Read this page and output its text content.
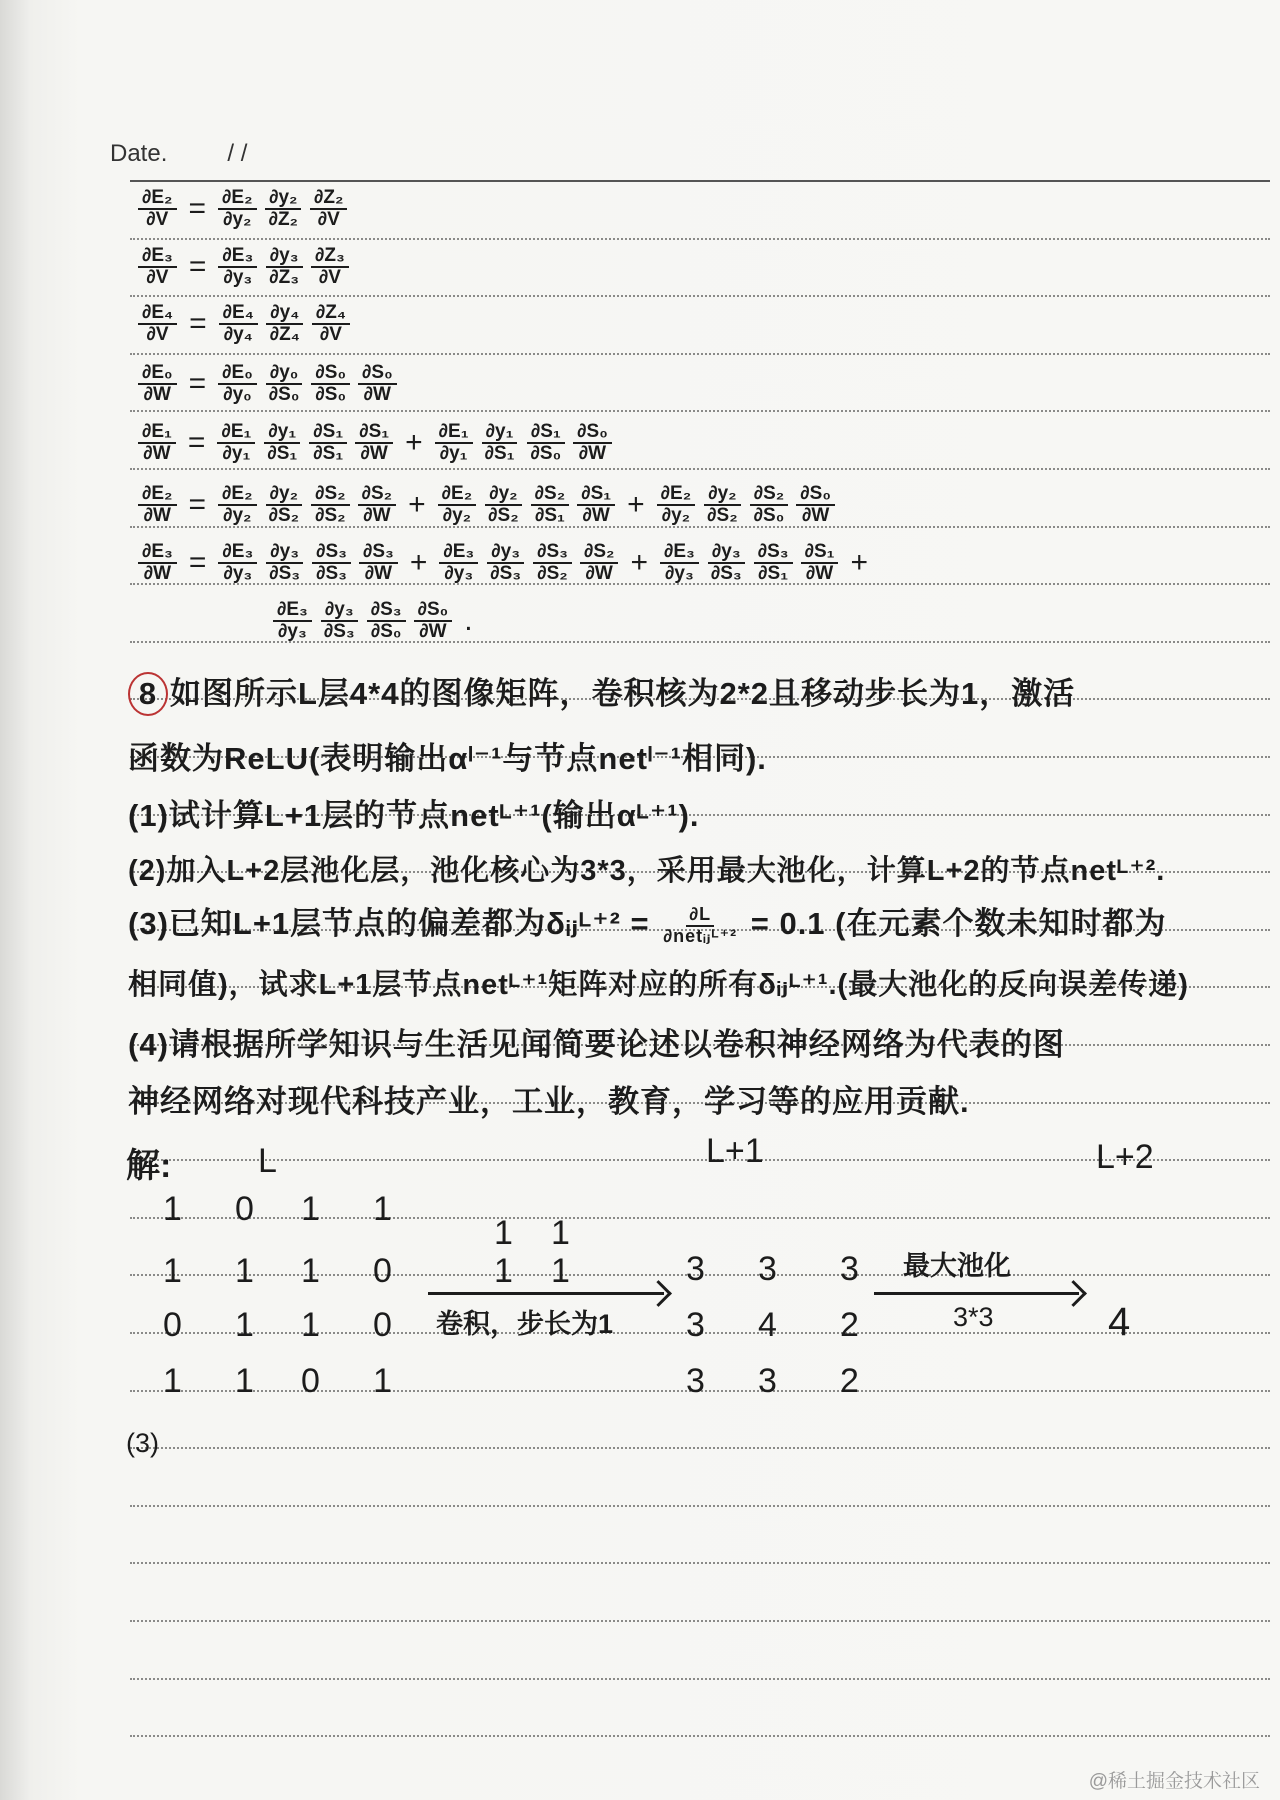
Date.	/ /
$\frac{\text{∂E₂}}{\partial V} = \frac{\text{∂E₂}}{\text{∂y₂}} \frac{\text{∂y₂}}{\text{∂Z₂}} \frac{\text{∂Z₂}}{\partial V}$
$\frac{\text{∂E₃}}{\partial V} = \frac{\text{∂E₃}}{\text{∂y₃}} \frac{\text{∂y₃}}{\text{∂Z₃}} \frac{\text{∂Z₃}}{\partial V}$
$\frac{\text{∂E₄}}{\partial V} = \frac{\text{∂E₄}}{\text{∂y₄}} \frac{\text{∂y₄}}{\text{∂Z₄}} \frac{\text{∂Z₄}}{\partial V}$
$\frac{\text{∂E₀}}{\partial W} = \frac{\text{∂E₀}}{\text{∂y₀}} \frac{\text{∂y₀}}{\text{∂S₀}} \frac{\text{∂S₀}}{\text{∂S₀}} \frac{\text{∂S₀}}{\partial W}$
$\frac{\text{∂E₁}}{\partial W} = \frac{\text{∂E₁}}{\text{∂y₁}} \frac{\text{∂y₁}}{\text{∂S₁}} \frac{\text{∂S₁}}{\text{∂S₁}} \frac{\text{∂S₁}}{\partial W} + \frac{\text{∂E₁}}{\text{∂y₁}} \frac{\text{∂y₁}}{\text{∂S₁}} \frac{\text{∂S₁}}{\text{∂S₀}} \frac{\text{∂S₀}}{\partial W}$
$\frac{\text{∂E₂}}{\partial W} = \frac{\text{∂E₂}}{\text{∂y₂}} \frac{\text{∂y₂}}{\text{∂S₂}} \frac{\text{∂S₂}}{\text{∂S₂}} \frac{\text{∂S₂}}{\partial W} + \frac{\text{∂E₂}}{\text{∂y₂}} \frac{\text{∂y₂}}{\text{∂S₂}} \frac{\text{∂S₂}}{\text{∂S₁}} \frac{\text{∂S₁}}{\partial W} + \frac{\text{∂E₂}}{\text{∂y₂}} \frac{\text{∂y₂}}{\text{∂S₂}} \frac{\text{∂S₂}}{\text{∂S₀}} \frac{\text{∂S₀}}{\partial W}$
$\frac{\text{∂E₃}}{\partial W} = \frac{\text{∂E₃}}{\text{∂y₃}} \frac{\text{∂y₃}}{\text{∂S₃}} \frac{\text{∂S₃}}{\text{∂S₃}} \frac{\text{∂S₃}}{\partial W} + \frac{\text{∂E₃}}{\text{∂y₃}} \frac{\text{∂y₃}}{\text{∂S₃}} \frac{\text{∂S₃}}{\text{∂S₂}} \frac{\text{∂S₂}}{\partial W} + \frac{\text{∂E₃}}{\text{∂y₃}} \frac{\text{∂y₃}}{\text{∂S₃}} \frac{\text{∂S₃}}{\text{∂S₁}} \frac{\text{∂S₁}}{\partial W}$ +
$\frac{\text{∂E₃}}{\text{∂y₃}} \frac{\text{∂y₃}}{\text{∂S₃}} \frac{\text{∂S₃}}{\text{∂S₀}} \frac{\text{∂S₀}}{\partial W}$ .
8 如图所示L层4*4的图像矩阵，卷积核为2*2且移动步长为1，激活
函数为ReLU(表明输出αˡ⁻¹与节点netˡ⁻¹相同).
(1)试计算L+1层的节点netᴸ⁺¹(输出αᴸ⁺¹).
(2)加入L+2层池化层，池化核心为3*3，采用最大池化，计算L+2的节点netᴸ⁺².
(3)已知L+1层节点的偏差都为δᵢⱼᴸ⁺² = ∂L
∂netᵢⱼᴸ⁺² = 0.1 (在元素个数未知时都为
相同值)，试求L+1层节点netᴸ⁺¹矩阵对应的所有δᵢⱼᴸ⁺¹.(最大池化的反向误差传递)
(4)请根据所学知识与生活见闻简要论述以卷积神经网络为代表的图
神经网络对现代科技产业，工业，教育，学习等的应用贡献.
解:	L	L+1	L+2
1 0 1 1
1 1 1 0
0 1 1 0
1 1 0 1
1 1
1 1	3 3 3
3 4 2
3 3 2
卷积，步长为1
最大池化
3*3	4
(3)
@稀土掘金技术社区
